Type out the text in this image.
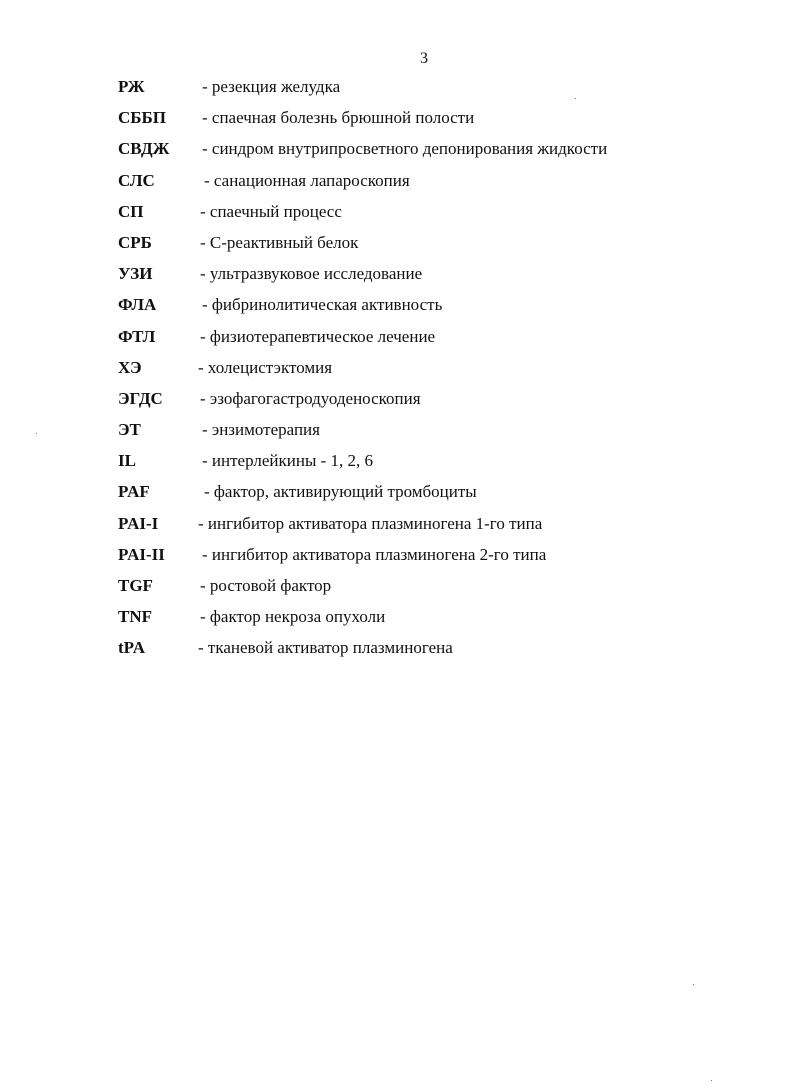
3
РЖ	- резекция желудка
СББП - спаечная болезнь брюшной полости
СВДЖ - синдром внутрипросветного депонирования жидкости
СЛС	- санационная лапароскопия
СП	- спаечный процесс
СРБ	- С-реактивный белок
УЗИ	- ультразвуковое исследование
ФЛА	- фибринолитическая активность
ФТЛ	- физиотерапевтическое лечение
ХЭ	- холецистэктомия
ЭГДС - эзофагогастродуоденоскопия
ЭТ	- энзимотерапия
IL	- интерлейкины - 1, 2, 6
PAF	- фактор, активирующий тромбоциты
PAI-I - ингибитор активатора плазминогена 1-го типа
PAI-II - ингибитор активатора плазминогена 2-го типа
TGF	- ростовой фактор
TNF	- фактор некроза опухоли
tPA	- тканевой активатор плазминогена
